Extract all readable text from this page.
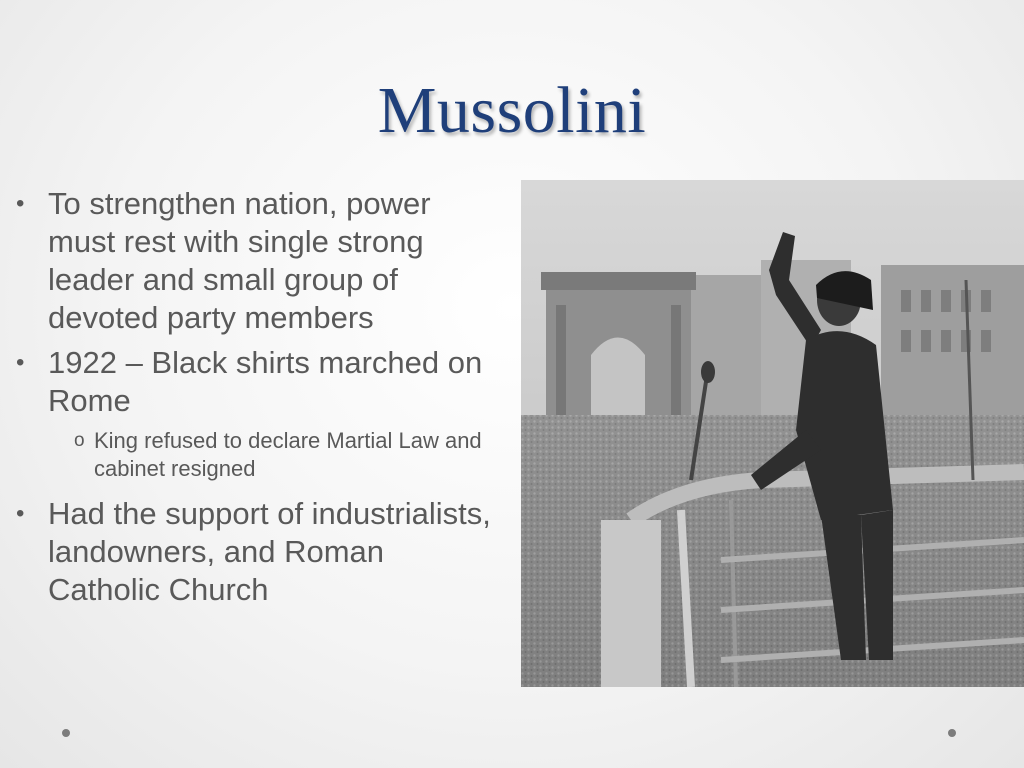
Mussolini
• To strengthen nation, power must rest with single strong leader and small group of devoted party members
• 1922 – Black shirts marched on Rome
o King refused to declare Martial Law and cabinet resigned
• Had the support of industrialists, landowners, and Roman Catholic Church
